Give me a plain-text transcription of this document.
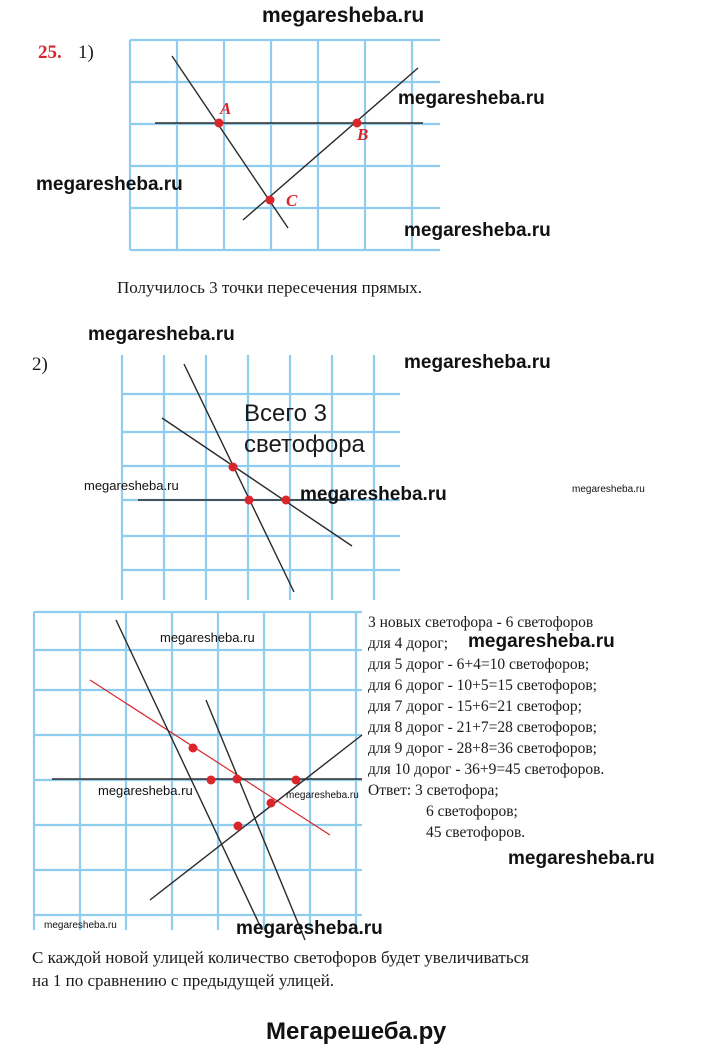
megaresheba.ru
25. 1)
A
B
C
megaresheba.ru
megaresheba.ru
megaresheba.ru
Получилось 3 точки пересечения прямых.
megaresheba.ru
2)	megaresheba.ru
Всего 3
светофора
megaresheba.ru	megaresheba.ru	megaresheba.ru
megaresheba.ru
megaresheba.ru	megaresheba.ru
megaresheba.ru	megaresheba.ru
3 новых светофора - 6 светофоров
для 4 дорог;
для 5 дорог - 6+4=10 светофоров;
для 6 дорог - 10+5=15 светофоров;
для 7 дорог - 15+6=21 светофор;
для 8 дорог - 21+7=28 светофоров;
для 9 дорог - 28+8=36 светофоров;
для 10 дорог - 36+9=45 светофоров.
Ответ: 3 светофора;
6 светофоров;
45 светофоров.
megaresheba.ru
megaresheba.ru
С каждой новой улицей количество светофоров будет увеличиваться
на 1 по сравнению с предыдущей улицей.
Мегарешеба.ру
